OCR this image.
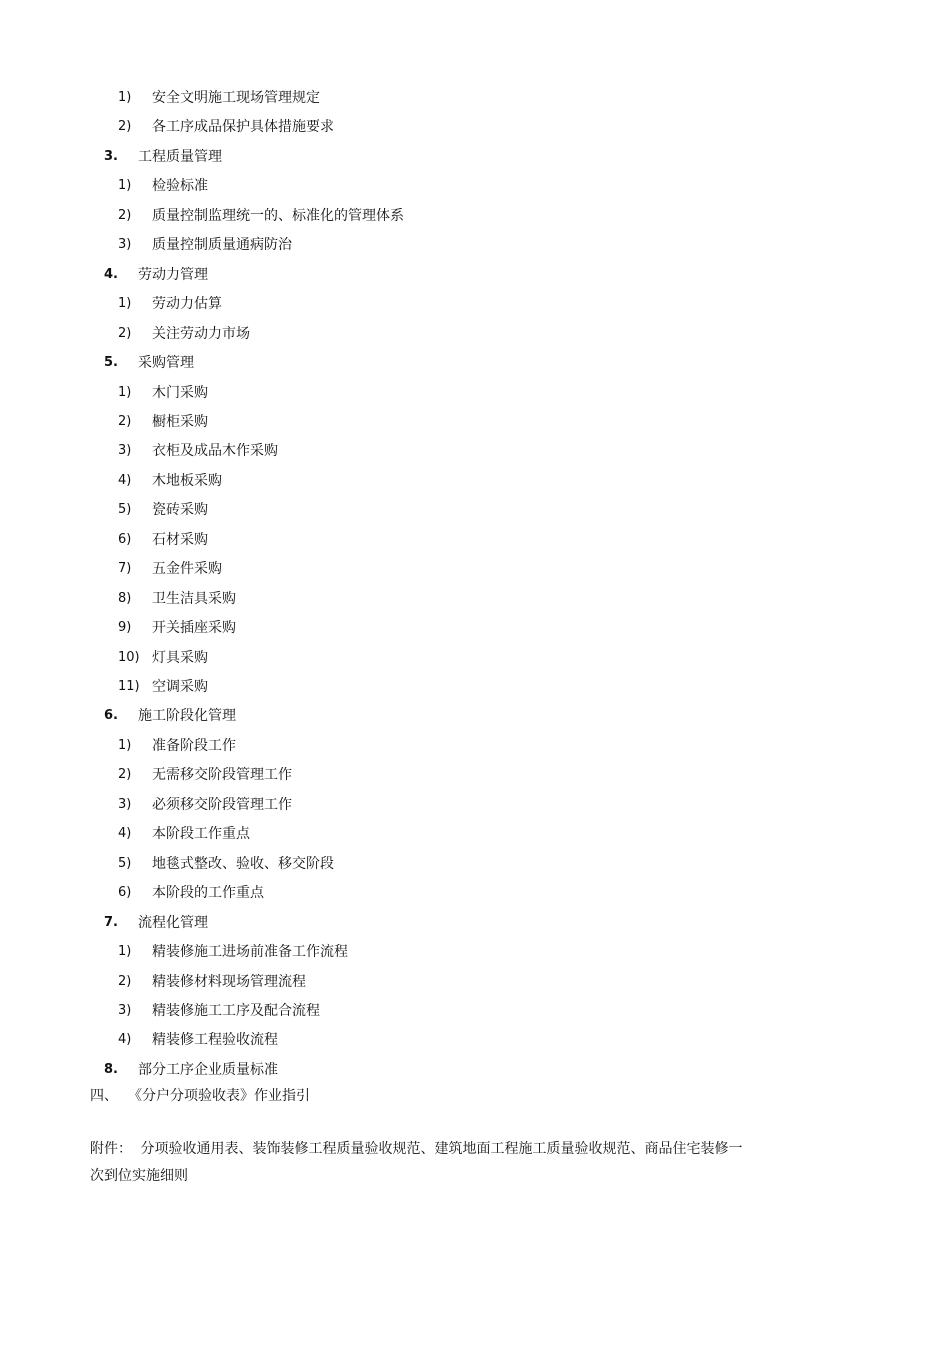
1) 安全文明施工现场管理规定
2) 各工序成品保护具体措施要求
3. 工程质量管理
1) 检验标准
2) 质量控制监理统一的、标准化的管理体系
3) 质量控制质量通病防治
4. 劳动力管理
1) 劳动力估算
2) 关注劳动力市场
5. 采购管理
1) 木门采购
2) 橱柜采购
3) 衣柜及成品木作采购
4) 木地板采购
5) 瓷砖采购
6) 石材采购
7) 五金件采购
8) 卫生洁具采购
9) 开关插座采购
10) 灯具采购
11) 空调采购
6. 施工阶段化管理
1) 准备阶段工作
2) 无需移交阶段管理工作
3) 必须移交阶段管理工作
4) 本阶段工作重点
5) 地毯式整改、验收、移交阶段
6) 本阶段的工作重点
7. 流程化管理
1) 精装修施工进场前准备工作流程
2) 精装修材料现场管理流程
3) 精装修施工工序及配合流程
4) 精装修工程验收流程
8. 部分工序企业质量标准
四、 《分户分项验收表》作业指引
附件： 分项验收通用表、装饰装修工程质量验收规范、建筑地面工程施工质量验收规范、商品住宅装修一
次到位实施细则
